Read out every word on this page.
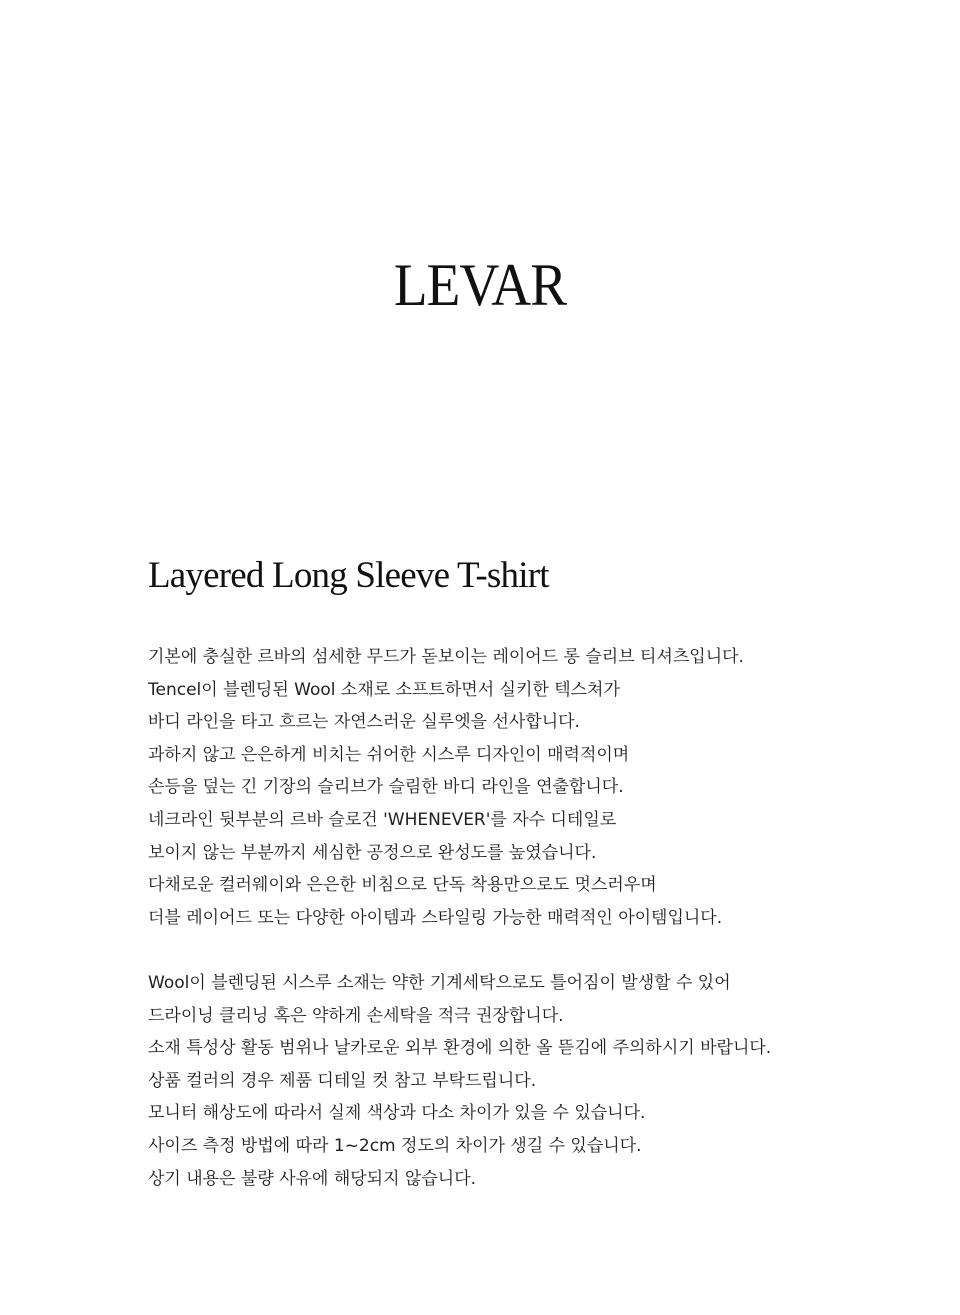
LEVAR
Layered Long Sleeve T-shirt
기본에 충실한 르바의 섬세한 무드가 돋보이는 레이어드 롱 슬리브 티셔츠입니다.
Tencel이 블렌딩된 Wool 소재로 소프트하면서 실키한 텍스쳐가
바디 라인을 타고 흐르는 자연스러운 실루엣을 선사합니다.
과하지 않고 은은하게 비치는 쉬어한 시스루 디자인이 매력적이며
손등을 덮는 긴 기장의 슬리브가 슬림한 바디 라인을 연출합니다.
네크라인 뒷부분의 르바 슬로건 'WHENEVER'를 자수 디테일로
보이지 않는 부분까지 세심한 공정으로 완성도를 높였습니다.
다채로운 컬러웨이와 은은한 비침으로 단독 착용만으로도 멋스러우며
더블 레이어드 또는 다양한 아이템과 스타일링 가능한 매력적인 아이템입니다.
Wool이 블렌딩된 시스루 소재는 약한 기계세탁으로도 틀어짐이 발생할 수 있어
드라이닝 클리닝 혹은 약하게 손세탁을 적극 권장합니다.
소재 특성상 활동 범위나 날카로운 외부 환경에 의한 올 뜯김에 주의하시기 바랍니다.
상품 컬러의 경우 제품 디테일 컷 참고 부탁드립니다.
모니터 해상도에 따라서 실제 색상과 다소 차이가 있을 수 있습니다.
사이즈 측정 방법에 따라 1~2cm 정도의 차이가 생길 수 있습니다.
상기 내용은 불량 사유에 해당되지 않습니다.
